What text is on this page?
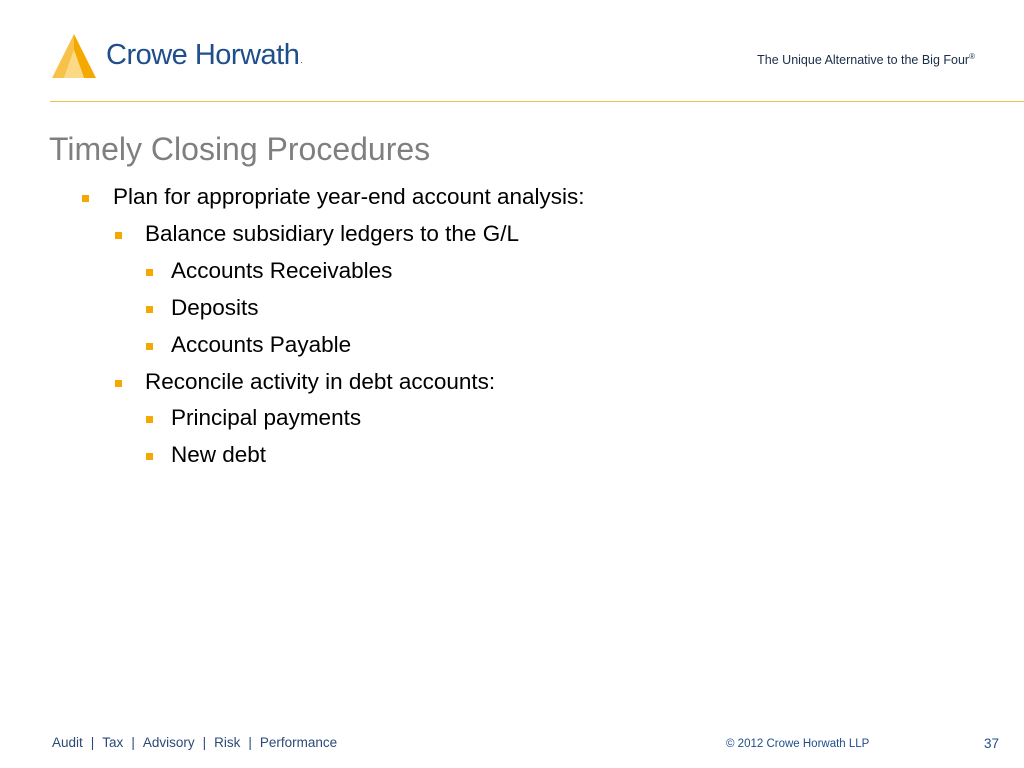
Crowe Horwath.	The Unique Alternative to the Big Four®
Timely Closing Procedures
Plan for appropriate year-end account analysis:
Balance subsidiary ledgers to the G/L
Accounts Receivables
Deposits
Accounts Payable
Reconcile activity in debt accounts:
Principal payments
New debt
Audit | Tax | Advisory | Risk | Performance	© 2012 Crowe Horwath LLP	37
